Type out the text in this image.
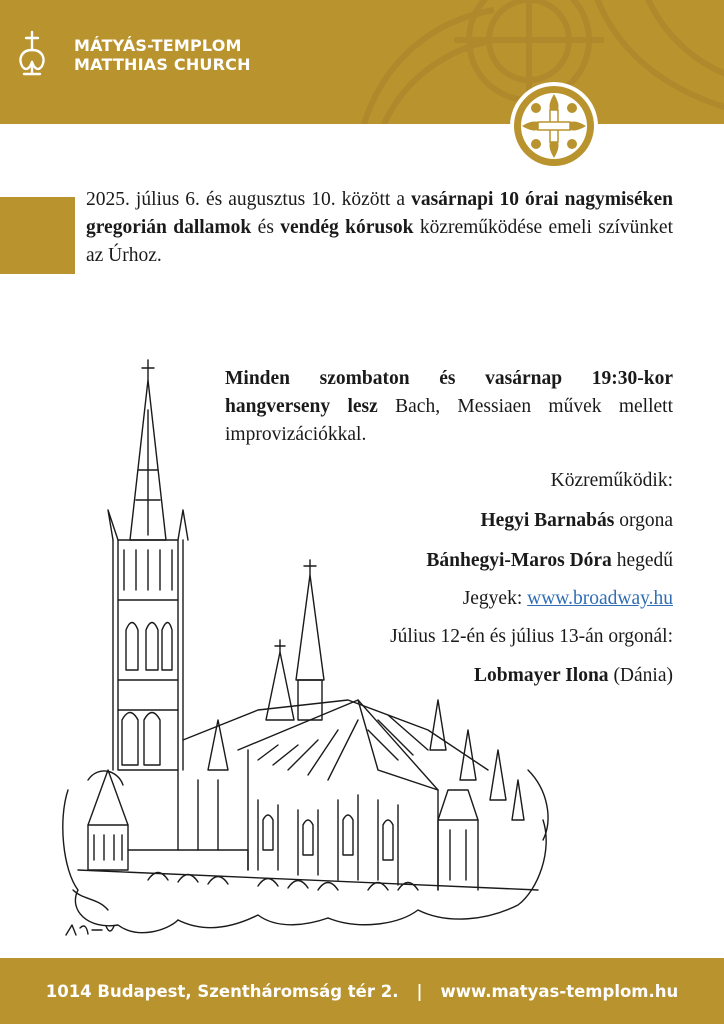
MÁTYÁS-TEMPLOM
MATTHIAS CHURCH
2025. július 6. és augusztus 10. között a vasárnapi 10 órai nagymiséken gregorián dallamok és vendég kórusok közreműködése emeli szívünket az Úrhoz.
Minden szombaton és vasárnap 19:30-kor hangverseny lesz Bach, Messiaen művek mellett improvizációkkal.
Közreműködik:
Hegyi Barnabás orgona
Bánhegyi-Maros Dóra hegedű
Jegyek: www.broadway.hu
Július 12-én és július 13-án orgonál:
Lobmayer Ilona (Dánia)
1014 Budapest, Szentháromság tér 2. | www.matyas-templom.hu
